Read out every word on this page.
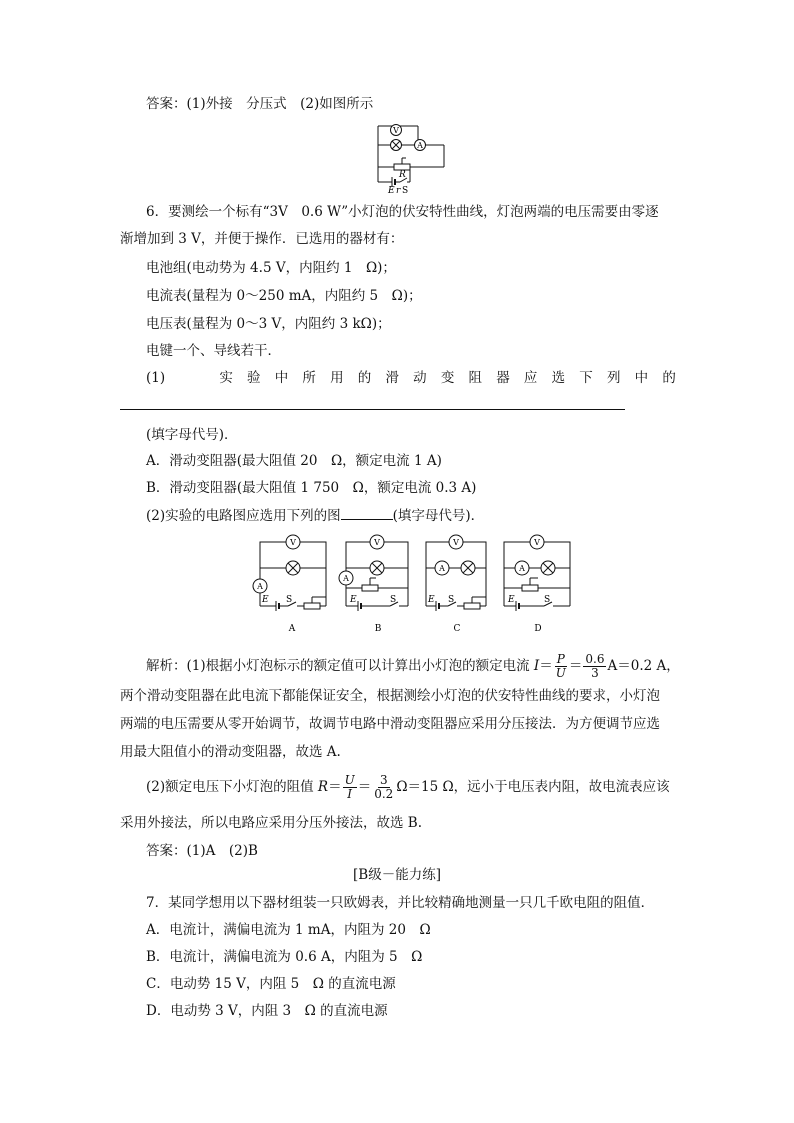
答案：(1)外接　分压式　(2)如图所示
V
A
R
E r S
6．要测绘一个标有“3V　0.6 W”小灯泡的伏安特性曲线，灯泡两端的电压需要由零逐
渐增加到 3 V，并便于操作．已选用的器材有：
电池组(电动势为 4.5 V，内阻约 1　Ω)；
电流表(量程为 0～250 mA，内阻约 5　Ω)；
电压表(量程为 0～3 V，内阻约 3 kΩ)；
电键一个、导线若干．
(1)	实 验 中 所 用 的 滑 动 变 阻 器 应 选 下 列 中 的
(填字母代号)．
A．滑动变阻器(最大阻值 20　Ω，额定电流 1 A)
B．滑动变阻器(最大阻值 1 750　Ω，额定电流 0.3 A)
(2)实验的电路图应选用下列的图	(填字母代号)．
V
A
V
A
V
A
V
A
E	E	E	E
S	S	S	S
A	B	C	D
解析：(1)根据小灯泡标示的额定值可以计算出小灯泡的额定电流 $I= \frac{P}{U} = \frac{0.6}{3} A=0.2$ A，
两个滑动变阻器在此电流下都能保证安全，根据测绘小灯泡的伏安特性曲线的要求，小灯泡
两端的电压需要从零开始调节，故调节电路中滑动变阻器应采用分压接法．为方便调节应选
用最大阻值小的滑动变阻器，故选 A.
(2)额定电压下小灯泡的阻值 $R= \frac{U}{I} = \frac{3}{0.2} \Omega=15$ Ω，远小于电压表内阻，故电流表应该
采用外接法，所以电路应采用分压外接法，故选 B.
答案：(1)A　(2)B
[B级－能力练]
7．某同学想用以下器材组装一只欧姆表，并比较精确地测量一只几千欧电阻的阻值．
A．电流计，满偏电流为 1 mA，内阻为 20　Ω
B．电流计，满偏电流为 0.6 A，内阻为 5　Ω
C．电动势 15 V，内阻 5　Ω 的直流电源
D．电动势 3 V，内阻 3　Ω 的直流电源
